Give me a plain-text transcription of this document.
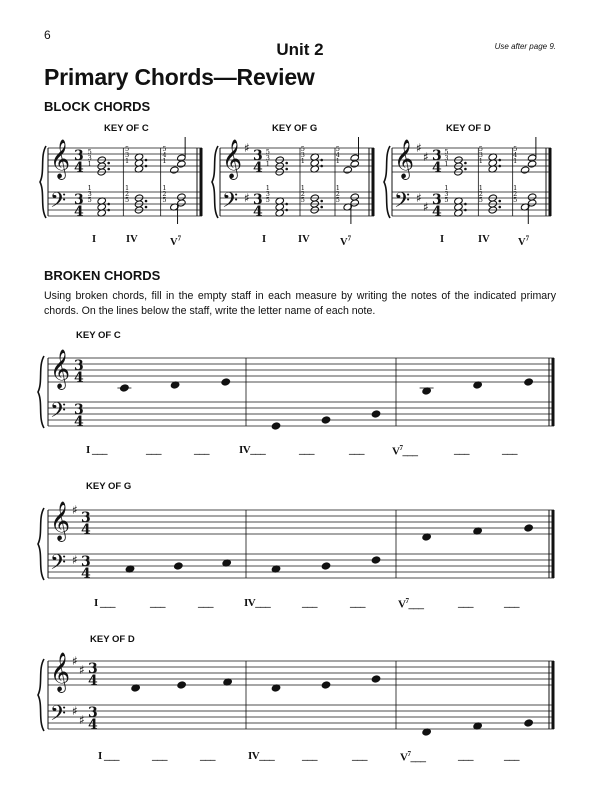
6
Unit 2	Use after page 9.
Primary Chords—Review
BLOCK CHORDS
KEY OF C	KEY OF G	KEY OF D
𝄞 3
4
𝄢 3
4
5
3
1
1
3
5
5
3
1
1
2
5
5
4
1
1
2
5
𝄞 ♯ 3
4
𝄢 ♯ 3
4
5
3
1
1
3
5
5
3
1
1
2
5
5
4
1
1
2
5
𝄞 ♯
♯ 3
4
𝄢 ♯
♯ 3
4
5
3
1
1
3
5
5
3
1
1
2
5
5
4
1
1
2
5
I	IV	$V^7$	I	IV	$V^7$	I	IV	$V^7$
BROKEN CHORDS
Using broken chords, fill in the empty staff in each measure by writing the notes of the indicated primary chords. On the lines below the staff, write the letter name of each note.
KEY OF C
KEY OF G
KEY OF D
𝄞 3
4
𝄢 3
4
𝄞 ♯ 3
4
𝄢 ♯ 3
4
𝄞 ♯
♯ 3
4
𝄢 ♯
♯ 3
4
I ___	___	___	IV___	___	___	$V^7\_\_\_$	___	___
I ___	___	___	IV___	___	___	$V^7\_\_\_$	___	___
I ___	___	___	IV___	___	___	$V^7\_\_\_$	___	___
